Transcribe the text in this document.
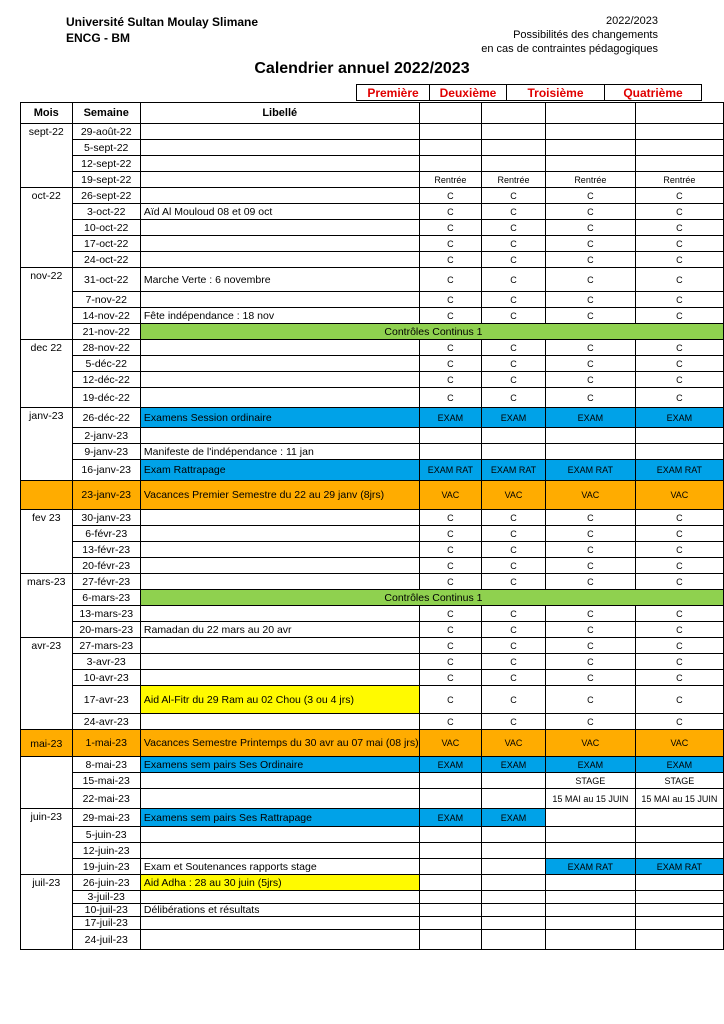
Université Sultan Moulay Slimane
ENCG - BM
2022/2023
Possibilités des changements
en cas de contraintes pédagogiques
Calendrier annuel 2022/2023
Première	Deuxième	Troisième	Quatrième
Mois	Semaine	Libellé				
sept-22	29-août-22					
	5-sept-22					
	12-sept-22					
	19-sept-22		Rentrée	Rentrée	Rentrée	Rentrée
oct-22	26-sept-22		C	C	C	C
	3-oct-22	Aïd Al Mouloud 08 et 09 oct	C	C	C	C
	10-oct-22		C	C	C	C
	17-oct-22		C	C	C	C
	24-oct-22		C	C	C	C
nov-22	31-oct-22	Marche Verte : 6 novembre	C	C	C	C
	7-nov-22		C	C	C	C
	14-nov-22	Fête indépendance : 18 nov	C	C	C	C
	21-nov-22	Contrôles Continus 1				
dec 22	28-nov-22		C	C	C	C
	5-déc-22		C	C	C	C
	12-déc-22		C	C	C	C
	19-déc-22		C	C	C	C
janv-23	26-déc-22	Examens Session ordinaire	EXAM	EXAM	EXAM	EXAM
	2-janv-23					
	9-janv-23	Manifeste de l'indépendance : 11 jan				
	16-janv-23	Exam Rattrapage	EXAM RAT	EXAM RAT	EXAM RAT	EXAM RAT
	23-janv-23	Vacances Premier Semestre du 22 au 29 janv (8jrs)	VAC	VAC	VAC	VAC
fev 23	30-janv-23		C	C	C	C
	6-févr-23		C	C	C	C
	13-févr-23		C	C	C	C
	20-févr-23		C	C	C	C
mars-23	27-févr-23		C	C	C	C
	6-mars-23	Contrôles Continus 1				
	13-mars-23		C	C	C	C
	20-mars-23	Ramadan du 22 mars au 20 avr	C	C	C	C
avr-23	27-mars-23		C	C	C	C
	3-avr-23		C	C	C	C
	10-avr-23		C	C	C	C
	17-avr-23	Aid Al-Fitr du 29 Ram au 02 Chou (3 ou 4 jrs)	C	C	C	C
	24-avr-23		C	C	C	C
mai-23	1-mai-23	Vacances Semestre Printemps du 30 avr au 07 mai (08 jrs)	VAC	VAC	VAC	VAC
	8-mai-23	Examens sem pairs Ses Ordinaire	EXAM	EXAM	EXAM	EXAM
	15-mai-23				STAGE	STAGE
	22-mai-23				15 MAI au 15 JUIN	15 MAI au 15 JUIN
juin-23	29-mai-23	Examens sem pairs Ses Rattrapage	EXAM	EXAM		
	5-juin-23					
	12-juin-23					
	19-juin-23	Exam et Soutenances rapports stage			EXAM RAT	EXAM RAT
juil-23	26-juin-23	Aid Adha : 28 au 30 juin (5jrs)				
	3-juil-23					
	10-juil-23	Délibérations et résultats				
	17-juil-23					
	24-juil-23					
